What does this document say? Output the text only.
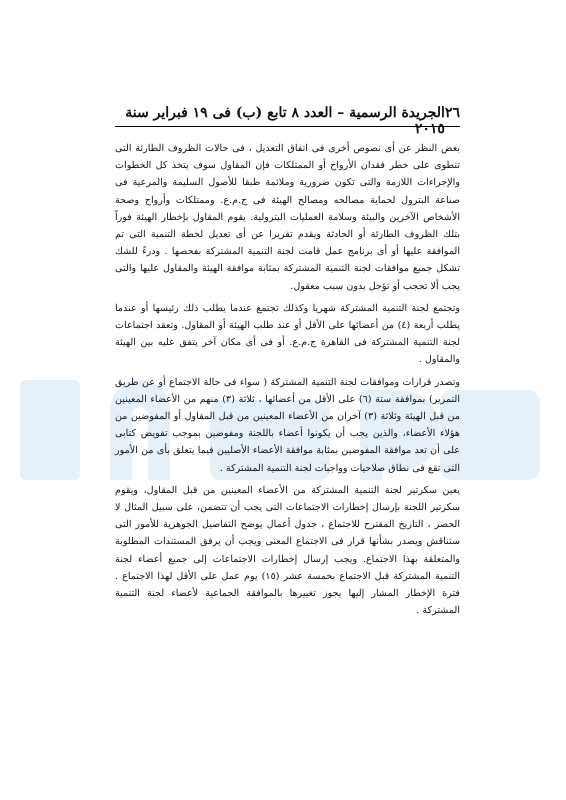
٢٦
الجريدة الرسمية – العدد ٨ تابع (ب) فى ١٩ فبراير سنة ٢٠١٥

بغض النظر عن أى نصوص أخرى فى اتفاق التعديل ، فى حالات الظروف الطارئة التى تنطوى على خطر فقدان الأرواح أو الممتلكات فإن المقاول سوف يتخذ كل الخطوات والإجراءات اللازمة والتى تكون ضرورية وملائمة طبقا للأصول السليمة والمرعية فى صناعة البترول لحماية مصالحه ومصالح الهيئة فى ج.م.ع. وممتلكات وأرواح وصحة الأشخاص الآخرين والبيئة وسلامة العمليات البترولية. يقوم المقاول بإخطار الهيئة فوراً بتلك الظروف الطارئة أو الحادثة ويقدم تقريرا عن أى تعديل لخطة التنمية التى تم الموافقة عليها أو أى برنامج عمل قامت لجنة التنمية المشتركة بفحصها . ودرءً للشك تشكل جميع موافقات لجنة التنمية المشتركة بمثابة موافقة الهيئة والمقاول عليها والتى يجب ألا تحجب أو تؤجل بدون سبب معقول.

وتجتمع لجنة التنمية المشتركة شهريا وكذلك تجتمع عندما يطلب ذلك رئيسها أو عندما يطلب أربعة (٤) من أعضائها على الأقل أو عند طلب الهيئة أو المقاول. وتعقد اجتماعات لجنة التنمية المشتركة فى القاهرة ج.م.ع. أو فى أى مكان آخر يتفق عليه بين الهيئة والمقاول .

وتصدر قرارات وموافقات لجنة التنمية المشتركة ( سواء فى حالة الاجتماع أو عن طريق التمرير) بموافقة ستة (٦) على الأقل من أعضائها ، ثلاثة (٣) منهم من الأعضاء المعينين من قبل الهيئة وثلاثة (٣) آخران من الأعضاء المعينين من قبل المقاول أو المفوضين من هؤلاء الأعضاء، والذين يجب أن يكونوا أعضاء باللجنة ومفوضين بموجب تفويض كتابى على أن تعد موافقة المفوضين بمثابة موافقة الأعضاء الأصليين فيما يتعلق بأى من الأمور التى تقع فى نطاق صلاحيات وواجبات لجنة التنمية المشتركة .

يعين سكرتير لجنة التنمية المشتركة من الأعضاء المعينين من قبل المقاول، ويقوم سكرتير اللجنة بإرسال إخطارات الاجتماعات التى يجب أن تتضمن، على سبيل المثال لا الحصر ، التاريخ المقترح للاجتماع ، جدول أعمال يوضح التفاصيل الجوهرية للأمور التى ستناقش ويصدر بشأنها قرار فى الاجتماع المعنى ويجب أن يرفق المستندات المطلوبة والمتعلقة بهذا الاجتماع. ويجب إرسال إخطارات الاجتماعات إلى جميع أعضاء لجنة التنمية المشتركة قبل الاجتماع بخمسة عشر (١٥) يوم عمل على الأقل لهذا الاجتماع . فترة الإخطار المشار إليها يجوز تغييرها بالموافقة الجماعية لأعضاء لجنة التنمية المشتركة .
